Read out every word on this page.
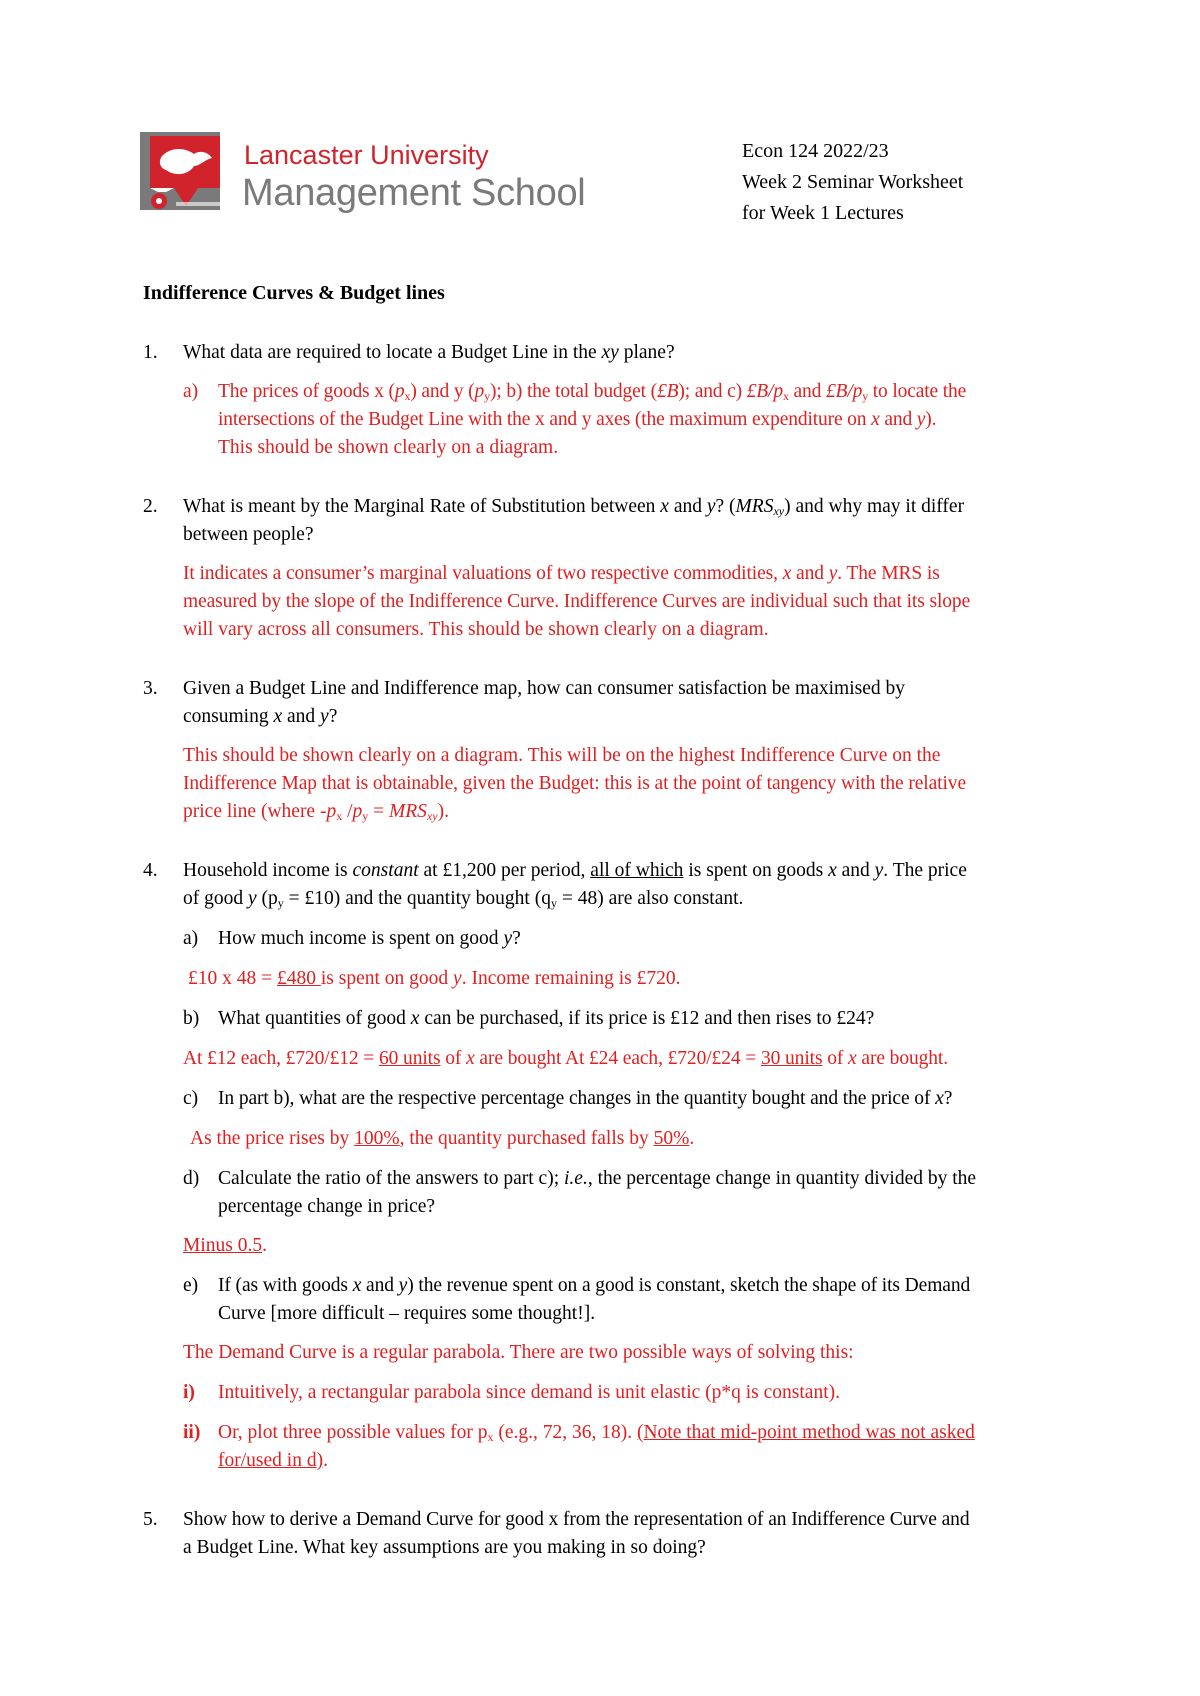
Lancaster University
Management School
Econ 124 2022/23
Week 2 Seminar Worksheet
for Week 1 Lectures
Indifference Curves & Budget lines
1. What data are required to locate a Budget Line in the xy plane?
a) The prices of goods x $(p_x)$ and y $(p_y)$; b) the total budget (£B); and c) $£B/p_x$ and $£B/p_y$ to locate the
intersections of the Budget Line with the x and y axes (the maximum expenditure on x and y).
This should be shown clearly on a diagram.
2. What is meant by the Marginal Rate of Substitution between x and y? $(MRS_{xy})$ and why may it differ
between people?
It indicates a consumer’s marginal valuations of two respective commodities, x and y. The MRS is
measured by the slope of the Indifference Curve. Indifference Curves are individual such that its slope
will vary across all consumers. This should be shown clearly on a diagram.
3. Given a Budget Line and Indifference map, how can consumer satisfaction be maximised by
consuming x and y?
This should be shown clearly on a diagram. This will be on the highest Indifference Curve on the
Indifference Map that is obtainable, given the Budget: this is at the point of tangency with the relative
price line (where $-p_x$ $/p_y = MRS_{xy}$).
4. Household income is constant at £1,200 per period, all of which is spent on goods x and y. The price
of good y ($p_y$ = £10) and the quantity bought $(q_y = 48)$ are also constant.
a) How much income is spent on good y?
£10 x 48 = £480 is spent on good y. Income remaining is £720.
b) What quantities of good x can be purchased, if its price is £12 and then rises to £24?
At £12 each, £720/£12 = 60 units of x are bought At £24 each, £720/£24 = 30 units of x are bought.
c) In part b), what are the respective percentage changes in the quantity bought and the price of x?
As the price rises by 100%, the quantity purchased falls by 50%.
d) Calculate the ratio of the answers to part c); i.e., the percentage change in quantity divided by the
percentage change in price?
Minus 0.5.
e) If (as with goods x and y) the revenue spent on a good is constant, sketch the shape of its Demand
Curve [more difficult – requires some thought!].
The Demand Curve is a regular parabola. There are two possible ways of solving this:
i) Intuitively, a rectangular parabola since demand is unit elastic (p*q is constant).
ii) Or, plot three possible values for $p_x$ (e.g., 72, 36, 18). (Note that mid-point method was not asked
for/used in d).
5. Show how to derive a Demand Curve for good x from the representation of an Indifference Curve and
a Budget Line. What key assumptions are you making in so doing?
